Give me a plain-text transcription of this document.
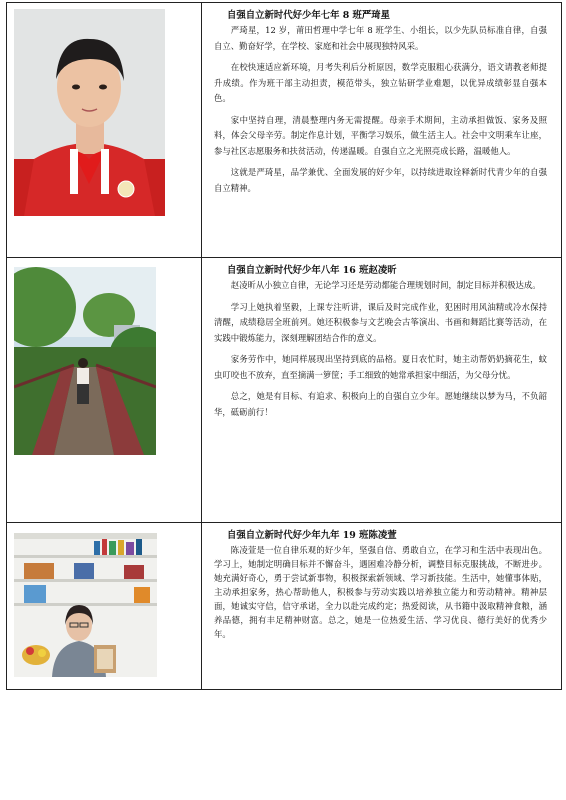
自强自立新时代好少年七年 8 班严琦星

严琦星，12 岁，莆田哲理中学七年 8 班学生、小组长，以少先队员标准自律，自强自立、勤奋好学，在学校、家庭和社会中展现独特风采。

在校快速适应新环境，月考失利后分析原因，数学克服粗心获满分，语文请教老师提升成绩。作为班干部主动担责，模范带头，独立钻研学业难题，以优异成绩彰显自强本色。

家中坚持自理，清晨整理内务无需提醒。母亲手术期间，主动承担做饭、家务及照料，体会父母辛劳。制定作息计划，平衡学习娱乐，做生活主人。社会中文明乘车让座，参与社区志愿服务和扶贫活动，传递温暖。自强自立之光照亮成长路，温暖他人。

这就是严琦星，品学兼优、全面发展的好少年，以持续进取诠释新时代青少年的自强自立精神。

自强自立新时代好少年八年 16 班赵凌昕

赵凌昕从小独立自律，无论学习还是劳动都能合理规划时间，制定目标并积极达成。

学习上她执着坚毅，上课专注听讲，课后及时完成作业，犯困时用风油精或冷水保持清醒，成绩稳居全班前列。她还积极参与文艺晚会古筝演出、书画和舞蹈比赛等活动，在实践中锻炼能力，深刻理解团结合作的意义。

家务劳作中，她同样展现出坚持到底的品格。夏日农忙时，她主动帮奶奶摘花生，蚊虫叮咬也不放弃，直至摘满一箩筐；手工细致的她常承担家中细活，为父母分忧。

总之，她是有目标、有追求、积极向上的自强自立少年。愿她继续以梦为马，不负韶华，砥砺前行！

自强自立新时代好少年九年 19 班陈凌萱

陈凌萱是一位自律乐观的好少年，坚强自信、勇敢自立，在学习和生活中表现出色。学习上，她制定明确目标并不懈奋斗，遇困难冷静分析，调整目标克服挑战，不断进步。她充满好奇心，勇于尝试新事物，积极探索新领域、学习新技能。生活中，她懂事体贴，主动承担家务，热心帮助他人，积极参与劳动实践以培养独立能力和劳动精神。精神层面，她诚实守信，信守承诺，全力以赴完成约定；热爱阅读，从书籍中汲取精神食粮，涵养品德，拥有丰足精神财富。总之，她是一位热爱生活、学习优良、德行美好的优秀少年。
